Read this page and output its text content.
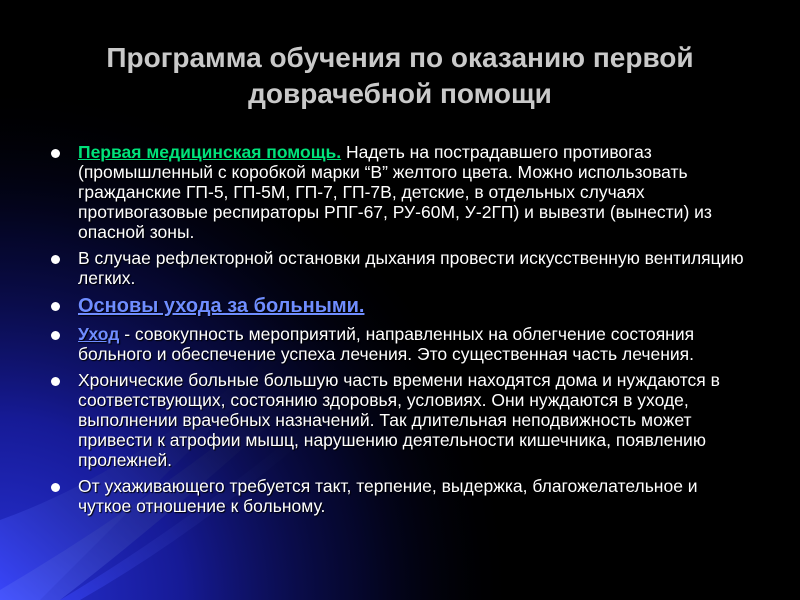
Программа обучения по оказанию первой доврачебной помощи
Первая медицинская помощь. Надеть на пострадавшего противогаз (промышленный с коробкой марки “В” желтого цвета. Можно использовать гражданские ГП-5, ГП-5М, ГП-7, ГП-7В, детские, в отдельных случаях противогазовые респираторы РПГ-67, РУ-60М, У-2ГП) и вывезти (вынести) из опасной зоны.
В случае рефлекторной остановки дыхания провести искусственную вентиляцию легких.
Основы ухода за больными.
Уход - совокупность мероприятий, направленных на облегчение состояния больного и обеспечение успеха лечения. Это существенная часть лечения.
Хронические больные большую часть времени находятся дома и нуждаются в соответствующих, состоянию здоровья, условиях. Они нуждаются в уходе, выполнении врачебных назначений. Так длительная неподвижность может привести к атрофии мышц, нарушению деятельности кишечника, появлению пролежней.
От ухаживающего требуется такт, терпение, выдержка, благожелательное и чуткое отношение к больному.
